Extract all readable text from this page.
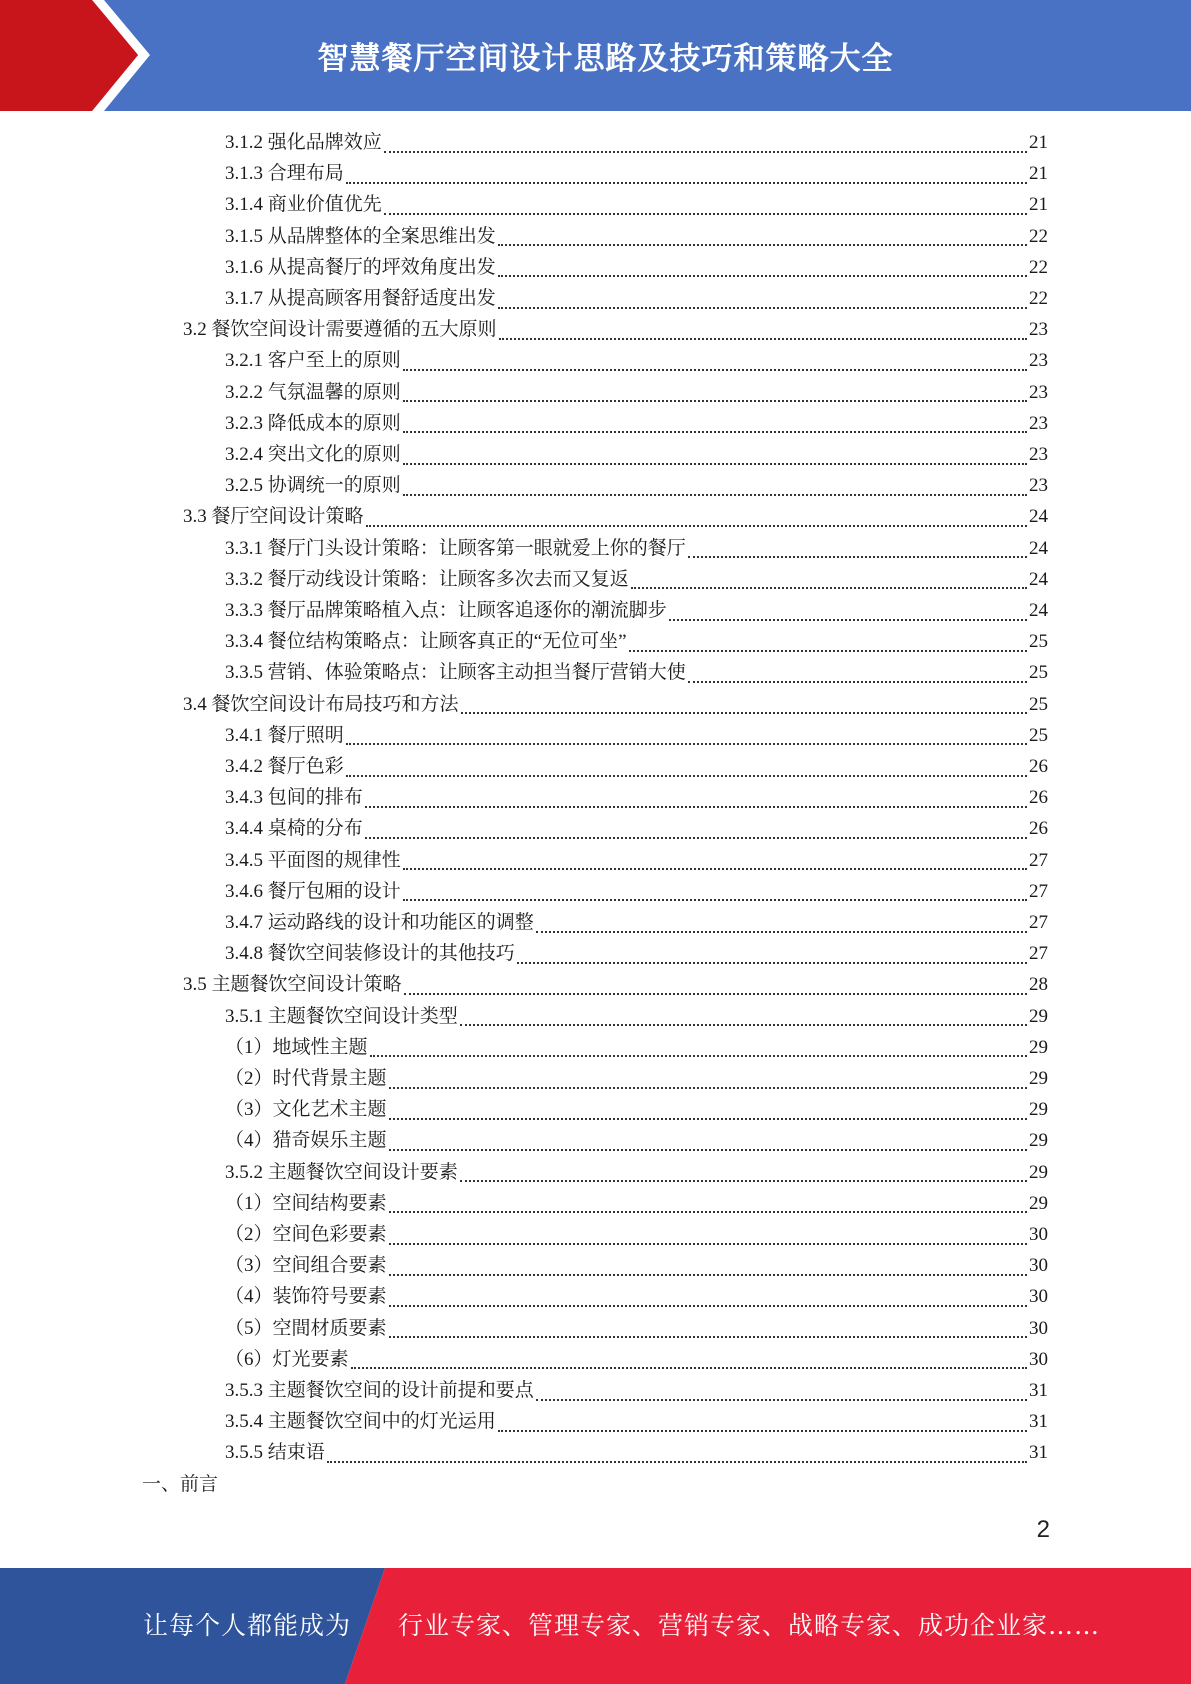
智慧餐厅空间设计思路及技巧和策略大全
3.1.2 强化品牌效应	21
3.1.3 合理布局	21
3.1.4 商业价值优先	21
3.1.5 从品牌整体的全案思维出发	22
3.1.6 从提高餐厅的坪效角度出发	22
3.1.7 从提高顾客用餐舒适度出发	22
3.2 餐饮空间设计需要遵循的五大原则	23
3.2.1 客户至上的原则	23
3.2.2 气氛温馨的原则	23
3.2.3 降低成本的原则	23
3.2.4 突出文化的原则	23
3.2.5 协调统一的原则	23
3.3 餐厅空间设计策略	24
3.3.1 餐厅门头设计策略：让顾客第一眼就爱上你的餐厅	24
3.3.2 餐厅动线设计策略：让顾客多次去而又复返	24
3.3.3 餐厅品牌策略植入点：让顾客追逐你的潮流脚步	24
3.3.4 餐位结构策略点：让顾客真正的“无位可坐”	25
3.3.5 营销、体验策略点：让顾客主动担当餐厅营销大使	25
3.4 餐饮空间设计布局技巧和方法	25
3.4.1 餐厅照明	25
3.4.2 餐厅色彩	26
3.4.3 包间的排布	26
3.4.4 桌椅的分布	26
3.4.5 平面图的规律性	27
3.4.6 餐厅包厢的设计	27
3.4.7 运动路线的设计和功能区的调整	27
3.4.8 餐饮空间装修设计的其他技巧	27
3.5 主题餐饮空间设计策略	28
3.5.1 主题餐饮空间设计类型	29
（1）地域性主题	29
（2）时代背景主题	29
（3）文化艺术主题	29
（4）猎奇娱乐主题	29
3.5.2 主题餐饮空间设计要素	29
（1）空间结构要素	29
（2）空间色彩要素	30
（3）空间组合要素	30
（4）装饰符号要素	30
（5）空間材质要素	30
（6）灯光要素	30
3.5.3 主题餐饮空间的设计前提和要点	31
3.5.4 主题餐饮空间中的灯光运用	31
3.5.5 结束语	31
一、前言
2
让每个人都能成为 行业专家、管理专家、营销专家、战略专家、成功企业家……
